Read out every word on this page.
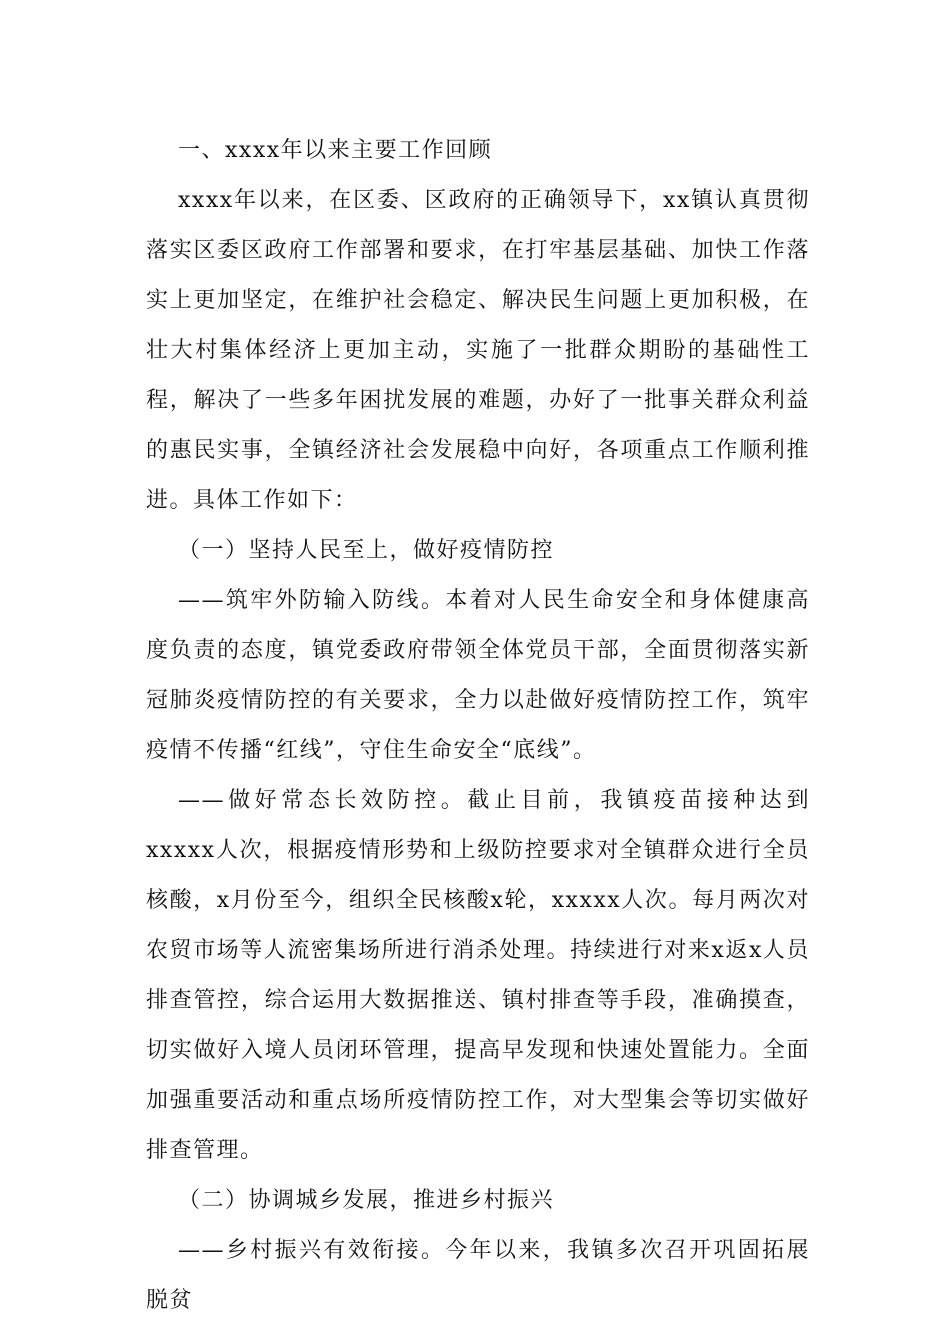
一、xxxx年以来主要工作回顾

xxxx年以来，在区委、区政府的正确领导下，xx镇认真贯彻落实区委区政府工作部署和要求，在打牢基层基础、加快工作落实上更加坚定，在维护社会稳定、解决民生问题上更加积极，在壮大村集体经济上更加主动，实施了一批群众期盼的基础性工程，解决了一些多年困扰发展的难题，办好了一批事关群众利益的惠民实事，全镇经济社会发展稳中向好，各项重点工作顺利推进。具体工作如下：

（一）坚持人民至上，做好疫情防控

——筑牢外防输入防线。本着对人民生命安全和身体健康高度负责的态度，镇党委政府带领全体党员干部，全面贯彻落实新冠肺炎疫情防控的有关要求，全力以赴做好疫情防控工作，筑牢疫情不传播“红线”，守住生命安全“底线”。

——做好常态长效防控。截止目前，我镇疫苗接种达到xxxxx人次，根据疫情形势和上级防控要求对全镇群众进行全员核酸，x月份至今，组织全民核酸x轮，xxxxx人次。每月两次对农贸市场等人流密集场所进行消杀处理。持续进行对来x返x人员排查管控，综合运用大数据推送、镇村排查等手段，准确摸查，切实做好入境人员闭环管理，提高早发现和快速处置能力。全面加强重要活动和重点场所疫情防控工作，对大型集会等切实做好排查管理。

（二）协调城乡发展，推进乡村振兴

——乡村振兴有效衔接。今年以来，我镇多次召开巩固拓展脱贫
